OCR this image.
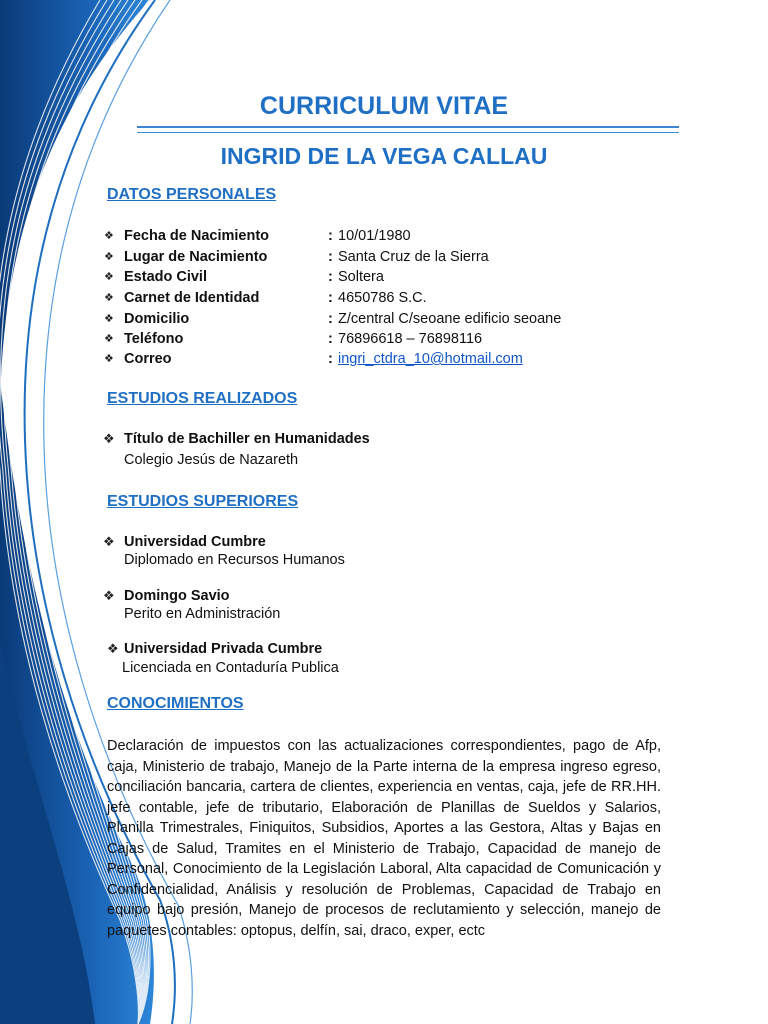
CURRICULUM VITAE
INGRID DE LA VEGA CALLAU
DATOS PERSONALES
❖ Fecha de Nacimiento	: 10/01/1980
❖ Lugar de Nacimiento	: Santa Cruz de la Sierra
❖ Estado Civil	: Soltera
❖ Carnet de Identidad	: 4650786 S.C.
❖ Domicilio	: Z/central C/seoane edificio seoane
❖ Teléfono	: 76896618 – 76898116
❖ Correo	: ingri_ctdra_10@hotmail.com
ESTUDIOS REALIZADOS
❖ Título de Bachiller en Humanidades
Colegio Jesús de Nazareth
ESTUDIOS SUPERIORES
❖ Universidad Cumbre
Diplomado en Recursos Humanos
❖ Domingo Savio
Perito en Administración
❖ Universidad Privada Cumbre
Licenciada en Contaduría Publica
CONOCIMIENTOS
Declaración de impuestos con las actualizaciones correspondientes, pago de Afp, caja, Ministerio de trabajo, Manejo de la Parte interna de la empresa ingreso egreso, conciliación bancaria, cartera de clientes, experiencia en ventas, caja, jefe de RR.HH. jefe contable, jefe de tributario, Elaboración de Planillas de Sueldos y Salarios, Planilla Trimestrales, Finiquitos, Subsidios, Aportes a las Gestora, Altas y Bajas en Cajas de Salud, Tramites en el Ministerio de Trabajo, Capacidad de manejo de Personal, Conocimiento de la Legislación Laboral, Alta capacidad de Comunicación y Confidencialidad, Análisis y resolución de Problemas, Capacidad de Trabajo en equipo bajo presión, Manejo de procesos de reclutamiento y selección, manejo de paquetes contables: optopus, delfín, sai, draco, exper, ectc
